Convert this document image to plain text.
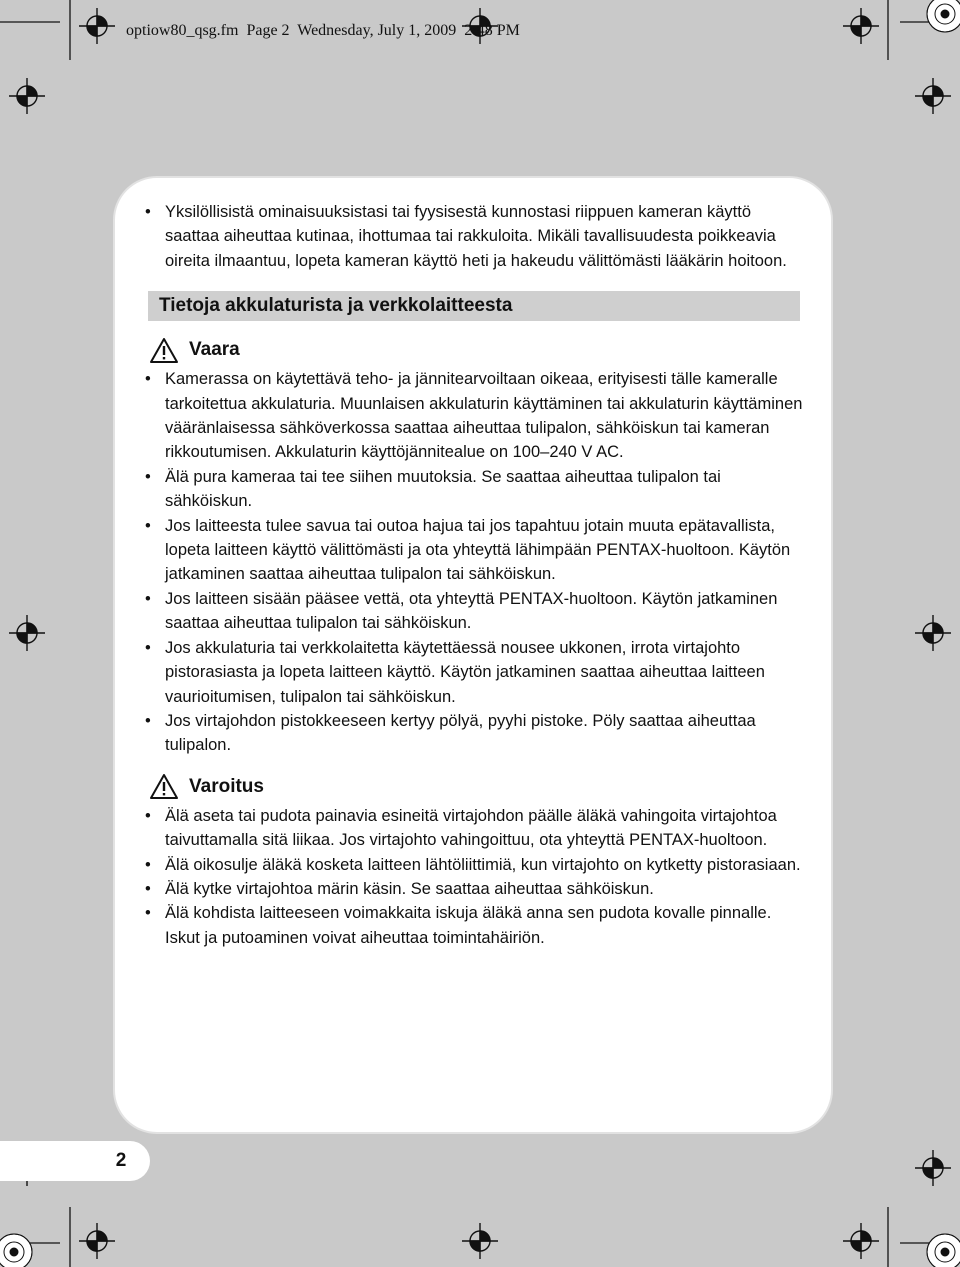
optiow80_qsg.fm  Page 2  Wednesday, July 1, 2009  2:48 PM
• Yksilöllisistä ominaisuuksistasi tai fyysisestä kunnostasi riippuen kameran käyttö saattaa aiheuttaa kutinaa, ihottumaa tai rakkuloita. Mikäli tavallisuudesta poikkeavia oireita ilmaantuu, lopeta kameran käyttö heti ja hakeudu välittömästi lääkärin hoitoon.
Tietoja akkulaturista ja verkkolaitteesta
Vaara
• Kamerassa on käytettävä teho- ja jännitearvoiltaan oikeaa, erityisesti tälle kameralle tarkoitettua akkulaturia. Muunlaisen akkulaturin käyttäminen tai akkulaturin käyttäminen vääränlaisessa sähköverkossa saattaa aiheuttaa tulipalon, sähköiskun tai kameran rikkoutumisen. Akkulaturin käyttöjännitealue on 100–240 V AC.
• Älä pura kameraa tai tee siihen muutoksia. Se saattaa aiheuttaa tulipalon tai sähköiskun.
• Jos laitteesta tulee savua tai outoa hajua tai jos tapahtuu jotain muuta epätavallista, lopeta laitteen käyttö välittömästi ja ota yhteyttä lähimpään PENTAX-huoltoon. Käytön jatkaminen saattaa aiheuttaa tulipalon tai sähköiskun.
• Jos laitteen sisään pääsee vettä, ota yhteyttä PENTAX-huoltoon. Käytön jatkaminen saattaa aiheuttaa tulipalon tai sähköiskun.
• Jos akkulaturia tai verkkolaitetta käytettäessä nousee ukkonen, irrota virtajohto pistorasiasta ja lopeta laitteen käyttö. Käytön jatkaminen saattaa aiheuttaa laitteen vaurioitumisen, tulipalon tai sähköiskun.
• Jos virtajohdon pistokkeeseen kertyy pölyä, pyyhi pistoke. Pöly saattaa aiheuttaa tulipalon.
Varoitus
• Älä aseta tai pudota painavia esineitä virtajohdon päälle äläkä vahingoita virtajohtoa taivuttamalla sitä liikaa. Jos virtajohto vahingoittuu, ota yhteyttä PENTAX-huoltoon.
• Älä oikosulje äläkä kosketa laitteen lähtöliittimiä, kun virtajohto on kytketty pistorasiaan.
• Älä kytke virtajohtoa märin käsin. Se saattaa aiheuttaa sähköiskun.
• Älä kohdista laitteeseen voimakkaita iskuja äläkä anna sen pudota kovalle pinnalle. Iskut ja putoaminen voivat aiheuttaa toimintahäiriön.
2
